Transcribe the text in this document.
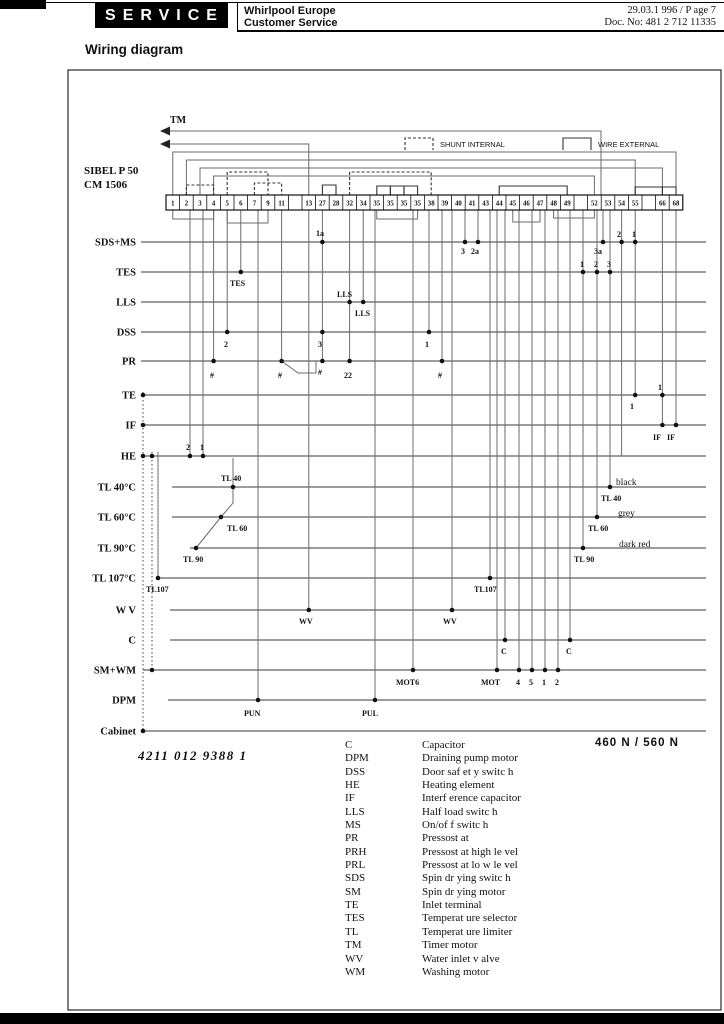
SERVICE	Whirlpool Europe
Customer Service
29.03.1 996 / P age 7
Doc. No: 481 2 712 11335
Wiring diagram
SDS+MS
TES
LLS
DSS
PR
TE
IF
HE
TL 40°C
TL 60°C
TL 90°C
TL 107°C
W V
C
SM+WM
DPM
Cabinet
1 2 3 4 5 6 7 9 11	13 27 28 32 34 35 35 35 35 38 39 40 41 43 44 45 46 47 48 49	52 53 54 55	66 68
TM
SIBEL P 50
CM 1506
SHUNT INTERNAL	WIRE EXTERNAL
1a
3 2a	3a
2 1
TES
1 2 3
LLS
LLS
2	3	1
#	#	#	22	#
1
1
IF IF
2 1
TL 40	black
TL 40
TL 60
grey
TL 60
TL 90
dark red
TL 90
TL107	TL107
WV	WV
C	C
MOT6	MOT 4 5 1 2
PUN	PUL
4211 012 9388 1
460 N / 560 N
C	Capacitor
DPM	Draining pump motor
DSS	Door saf et y switc h
HE	Heating element
IF	Interf erence capacitor
LLS	Half load switc h
MS	On/of f switc h
PR	Pressost at
PRH	Pressost at high le vel
PRL	Pressost at lo w le vel
SDS	Spin dr ying switc h
SM	Spin dr ying motor
TE	Inlet terminal
TES	Temperat ure selector
TL	Temperat ure limiter
TM	Timer motor
WV	Water inlet v alve
WM	Washing motor
